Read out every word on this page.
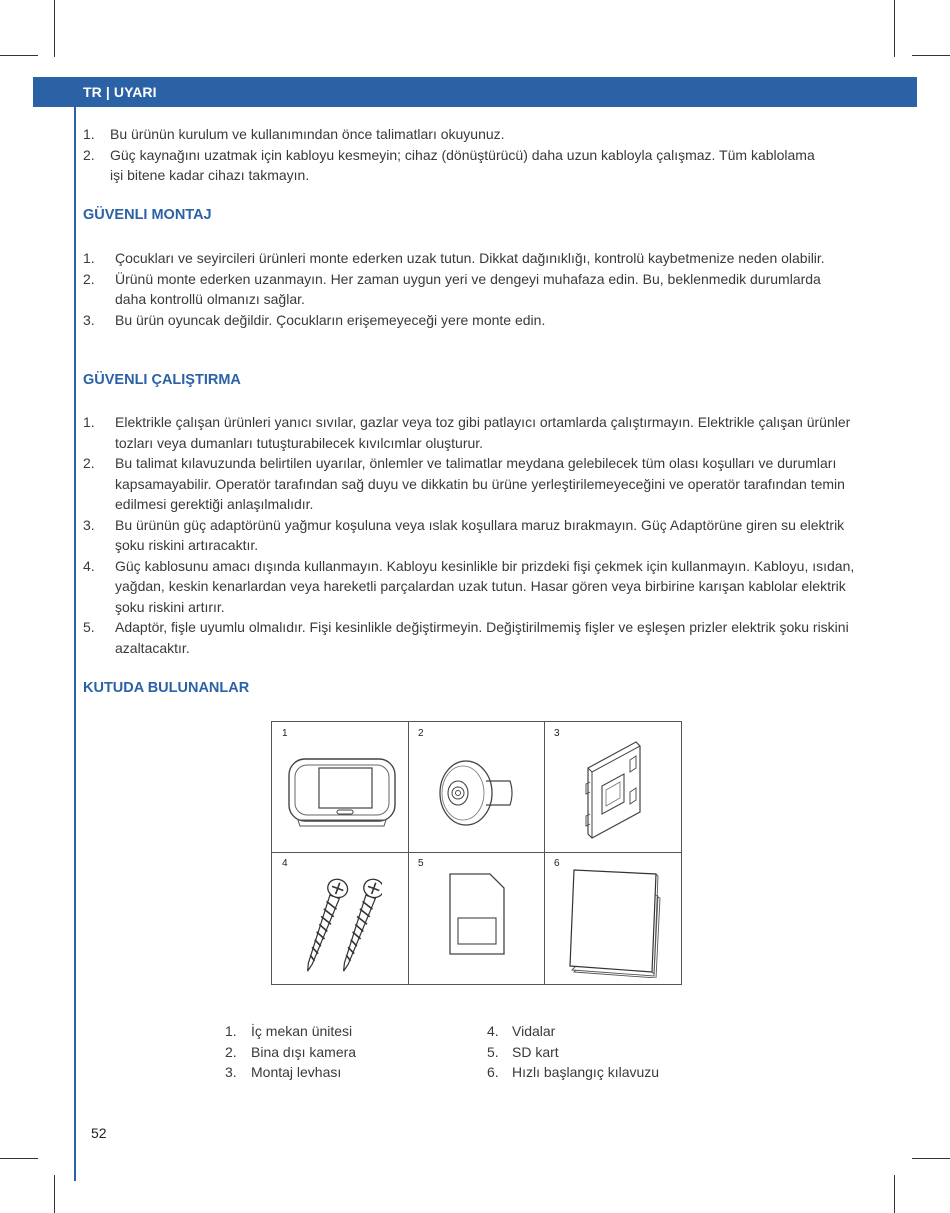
TR | UYARI
1. Bu ürünün kurulum ve kullanımından önce talimatları okuyunuz.
2. Güç kaynağını uzatmak için kabloyu kesmeyin; cihaz (dönüştürücü) daha uzun kabloyla çalışmaz. Tüm kablolama işi bitene kadar cihazı takmayın.
GÜVENLI MONTAJ
1. Çocukları ve seyircileri ürünleri monte ederken uzak tutun. Dikkat dağınıklığı, kontrolü kaybetmenize neden olabilir.
2. Ürünü monte ederken uzanmayın. Her zaman uygun yeri ve dengeyi muhafaza edin. Bu, beklenmedik durumlarda daha kontrollü olmanızı sağlar.
3. Bu ürün oyuncak değildir. Çocukların erişemeyeceği yere monte edin.
GÜVENLI ÇALIŞTIRMA
1. Elektrikle çalışan ürünleri yanıcı sıvılar, gazlar veya toz gibi patlayıcı ortamlarda çalıştırmayın. Elektrikle çalışan ürünler tozları veya dumanları tutuşturabilecek kıvılcımlar oluşturur.
2. Bu talimat kılavuzunda belirtilen uyarılar, önlemler ve talimatlar meydana gelebilecek tüm olası koşulları ve durumları kapsamayabilir. Operatör tarafından sağ duyu ve dikkatin bu ürüne yerleştirilemeyeceğini ve operatör tarafından temin edilmesi gerektiği anlaşılmalıdır.
3. Bu ürünün güç adaptörünü yağmur koşuluna veya ıslak koşullara maruz bırakmayın. Güç Adaptörüne giren su elektrik şoku riskini artıracaktır.
4. Güç kablosunu amacı dışında kullanmayın. Kabloyu kesinlikle bir prizdeki fişi çekmek için kullanmayın. Kabloyu, ısıdan, yağdan, keskin kenarlardan veya hareketli parçalardan uzak tutun. Hasar gören veya birbirine karışan kablolar elektrik şoku riskini artırır.
5. Adaptör, fişle uyumlu olmalıdır. Fişi kesinlikle değiştirmeyin. Değiştirilmemiş fişler ve eşleşen prizler elektrik şoku riskini azaltacaktır.
KUTUDA BULUNANLAR
1	2	3
4	5	6
1. İç mekan ünitesi
2. Bina dışı kamera
3. Montaj levhası
4. Vidalar
5. SD kart
6. Hızlı başlangıç kılavuzu
52
